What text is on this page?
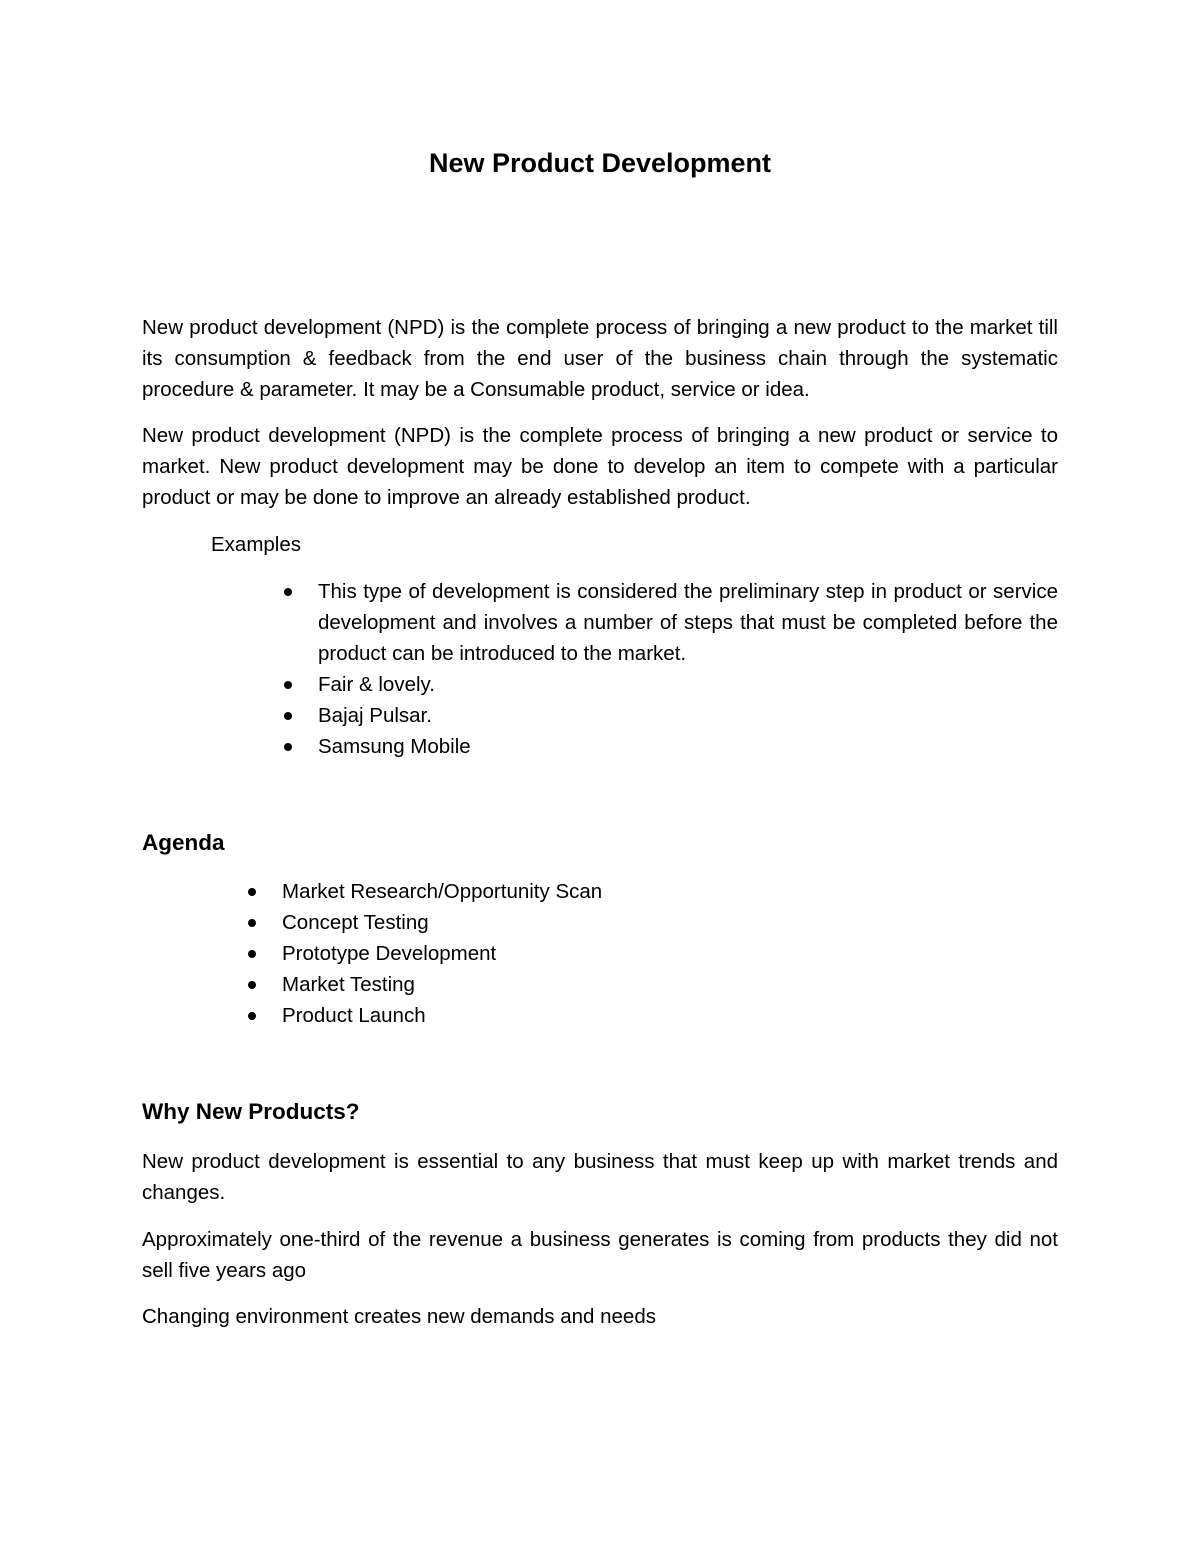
New Product Development

New product development (NPD) is the complete process of bringing a new product to the market till its consumption & feedback from the end user of the business chain through the systematic procedure & parameter. It may be a Consumable product, service or idea.

New product development (NPD) is the complete process of bringing a new product or service to market. New product development may be done to develop an item to compete with a particular product or may be done to improve an already established product.

Examples

This type of development is considered the preliminary step in product or service development and involves a number of steps that must be completed before the product can be introduced to the market.
Fair & lovely.
Bajaj Pulsar.
Samsung Mobile
Agenda
Market Research/Opportunity Scan
Concept Testing
Prototype Development
Market Testing
Product Launch
Why New Products?

New product development is essential to any business that must keep up with market trends and changes.

Approximately one-third of the revenue a business generates is coming from products they did not sell five years ago

Changing environment creates new demands and needs
